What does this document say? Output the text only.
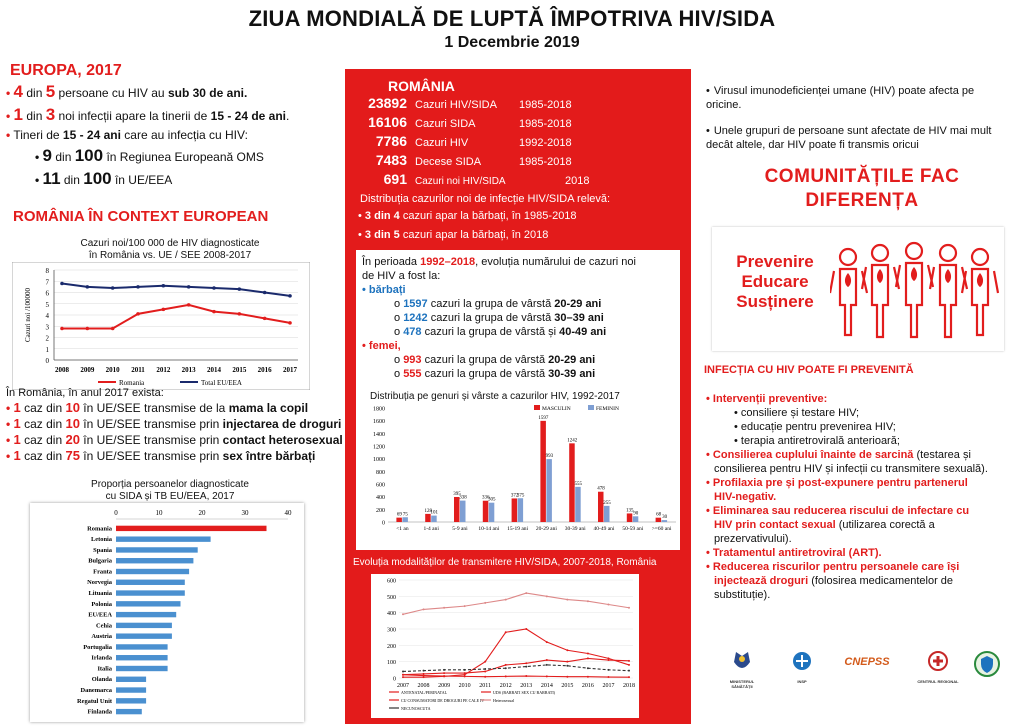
ZIUA MONDIALĂ DE LUPTĂ ÎMPOTRIVA HIV/SIDA
1 Decembrie 2019
EUROPA, 2017
• 4 din 5 persoane cu HIV au sub 30 de ani.
• 1 din 3 noi infecții apare la tinerii de 15 - 24 de ani.
• Tineri de 15 - 24 ani care au infecția cu HIV:
• 9 din 100 în Regiunea Europeană OMS
• 11 din 100 în UE/EEA
ROMÂNIA ÎN CONTEXT EUROPEAN
Cazuri noi/100 000 de HIV diagnosticate
în România vs. UE / SEE 2008-2017
0
1
2
3
4
5
6
7
8
2008 2009 2010 2011 2012 2013 2014 2015 2016 2017
Cazuri noi /100000
Romania	Total EU/EEA
În România, în anul 2017 exista:
• 1 caz din 10 în UE/SEE transmise de la mama la copil
• 1 caz din 10 în UE/SEE transmise prin injectarea de droguri
• 1 caz din 20 în UE/SEE transmise prin contact heterosexual
• 1 caz din 75 în UE/SEE transmise prin sex între bărbați
Proporția persoanelor diagnosticate
cu SIDA și TB EU/EEA, 2017
0	10	20	30	40
Romania
Letonia
Spania
Bulgaria
Franta
Norvegia
Lituania
Polonia
EU/EEA
Cehia
Austria
Portugalia
Irlanda
Italia
Olanda
Danemarca
Regatul Unit
Finlanda
ROMÂNIA
23892 Cazuri HIV/SIDA 1985-2018
16106 Cazuri SIDA	1985-2018
7786 Cazuri HIV	1992-2018
7483 Decese SIDA	1985-2018
691 Cazuri noi HIV/SIDA	2018
Distribuția cazurilor noi de infecție HIV/SIDA relevă:
• 3 din 4 cazuri apar la bărbați, în 1985-2018
• 3 din 5 cazuri apar la bărbați, în 2018
În perioada 1992–2018, evoluția numărului de cazuri noi
de HIV a fost la:
• bărbați
o 1597 cazuri la grupa de vârstă 20-29 ani
o 1242 cazuri la grupa de vârstă 30–39 ani
o 478 cazuri la grupa de vârstă și 40-49 ani
• femei,
o 993 cazuri la grupa de vârstă 20-29 ani
o 555 cazuri la grupa de vârstă 30-39 ani
Distribuția pe genuri și vârste a cazurilor HIV, 1992-2017
0
200
400
600
800
1000
1200
1400
1600
1800
69 75
<1 an
128
101
1-4 ani
395
338
5-9 ani
336
305
10-14 ani
372
375
15-19 ani
1597
993
20-29 ani
1242
555
30-39 ani
478
255
40-49 ani
135
90
50-59 ani
68 30
>=60 ani
MASCULIN	FEMININ
Evoluția modalităților de transmitere HIV/SIDA, 2007-2018, România
0
100
200
300
400
500
600
2007 2008 2009 2010 2011 2012 2013 2014 2015 2016 2017 2018
ANTENATAL/PERINATAL	UDS (BARBATI SEX CU BARBATI)
CU CONSUMATORI DE DROGURI PE CALE IV Heterosexual
NECUNOSCUTA
• Virusul imunodeficienței umane (HIV) poate afecta pe oricine.
• Unele grupuri de persoane sunt afectate de HIV mai mult decât altele, dar HIV poate fi transmis oricui
COMUNITĂȚILE FAC
DIFERENȚA
Prevenire
Educare
Susținere
INFECȚIA CU HIV POATE FI PREVENITĂ
• Intervenții preventive:
• consiliere și testare HIV;
• educație pentru prevenirea HIV;
• terapia antiretrovirală anterioară;
• Consilierea cuplului înainte de sarcină (testarea și
consilierea pentru HIV și infecții cu transmitere sexuală).
• Profilaxia pre și post-expunere pentru partenerul
HIV-negativ.
• Eliminarea sau reducerea riscului de infectare cu
HIV prin contact sexual (utilizarea corectă a
prezervativului).
• Tratamentul antiretroviral (ART).
• Reducerea riscurilor pentru persoanele care își
injectează droguri (folosirea medicamentelor de
substituție).
MINISTERUL SĂNĂTĂȚII
INSP
CNEPSS
CENTRUL REGIONAL
